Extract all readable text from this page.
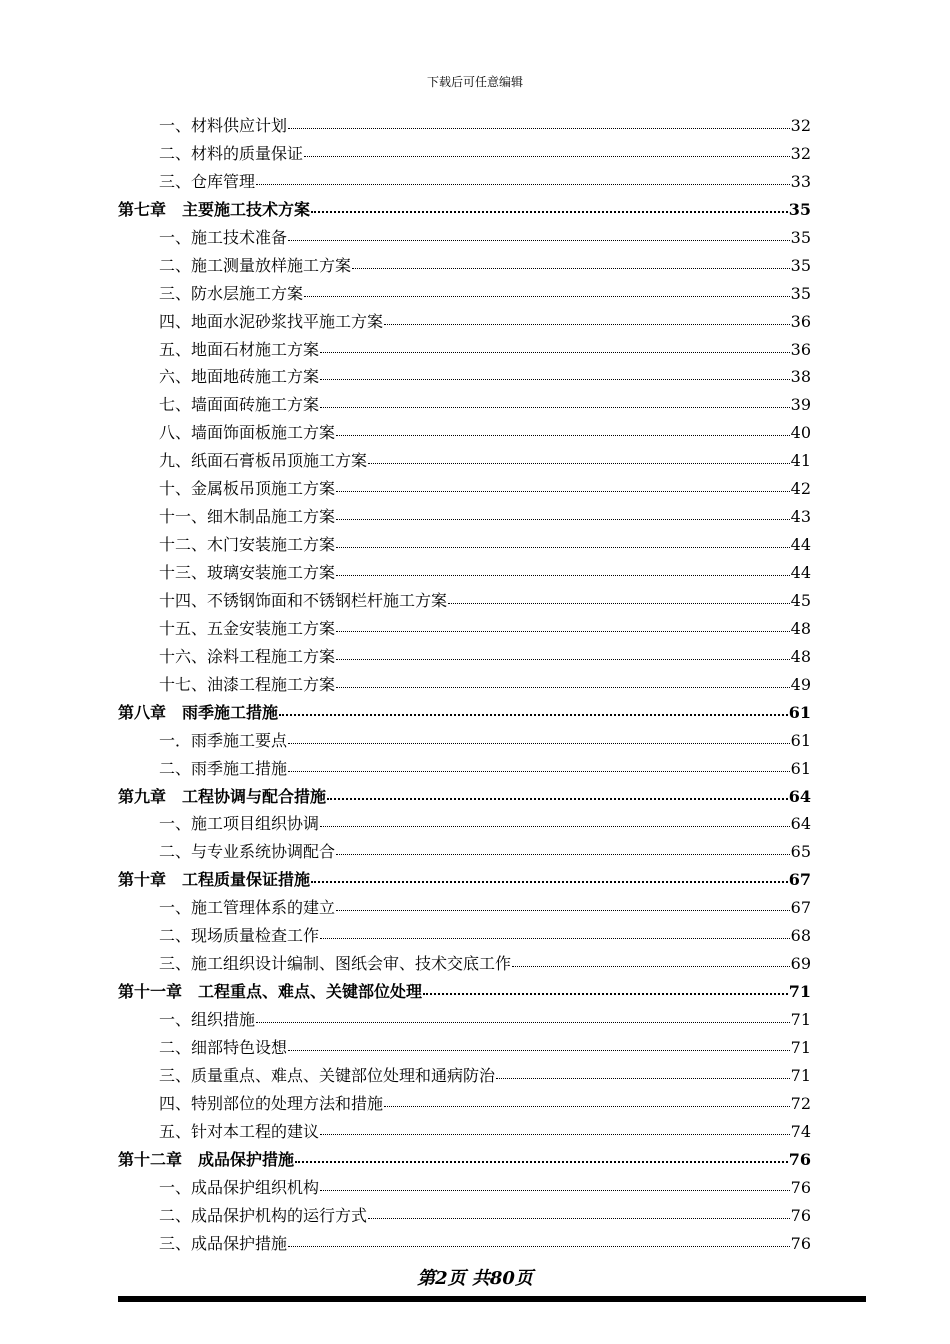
下载后可任意编辑
一、材料供应计划	32
二、材料的质量保证	32
三、仓库管理	33
第七章　主要施工技术方案	35
一、施工技术准备	35
二、施工测量放样施工方案	35
三、防水层施工方案	35
四、地面水泥砂浆找平施工方案	36
五、地面石材施工方案	36
六、地面地砖施工方案	38
七、墙面面砖施工方案	39
八、墙面饰面板施工方案	40
九、纸面石膏板吊顶施工方案	41
十、金属板吊顶施工方案	42
十一、细木制品施工方案	43
十二、木门安装施工方案	44
十三、玻璃安装施工方案	44
十四、不锈钢饰面和不锈钢栏杆施工方案	45
十五、五金安装施工方案	48
十六、涂料工程施工方案	48
十七、油漆工程施工方案	49
第八章　雨季施工措施	61
一．雨季施工要点	61
二、雨季施工措施	61
第九章　工程协调与配合措施	64
一、施工项目组织协调	64
二、与专业系统协调配合	65
第十章　工程质量保证措施	67
一、施工管理体系的建立	67
二、现场质量检查工作	68
三、施工组织设计编制、图纸会审、技术交底工作	69
第十一章　工程重点、难点、关键部位处理	71
一、组织措施	71
二、细部特色设想	71
三、质量重点、难点、关键部位处理和通病防治	71
四、特别部位的处理方法和措施	72
五、针对本工程的建议	74
第十二章　成品保护措施	76
一、成品保护组织机构	76
二、成品保护机构的运行方式	76
三、成品保护措施	76
第2页 共80页
